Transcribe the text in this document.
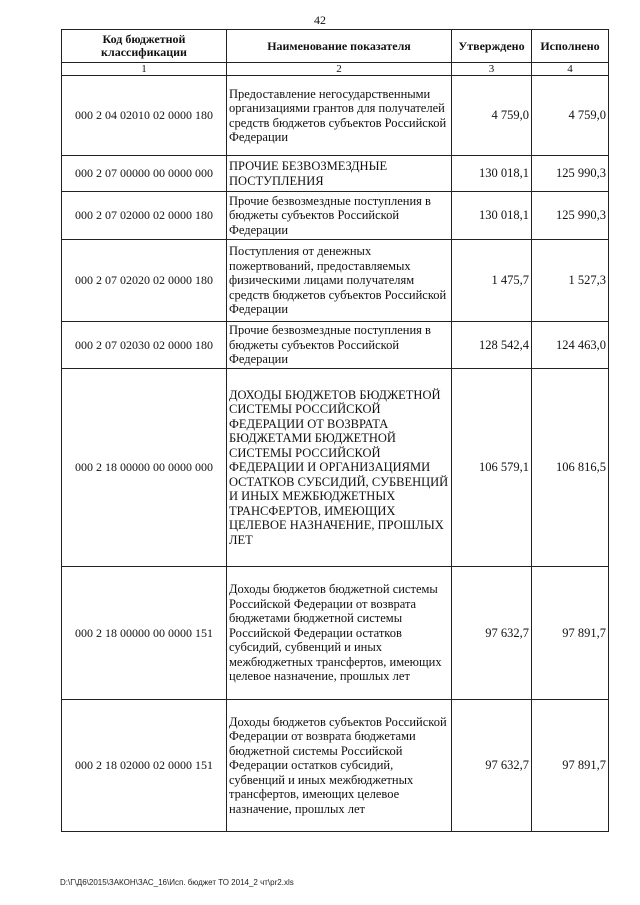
42
Код бюджетной классификации	Наименование показателя	Утверждено	Исполнено
1	2	3	4
000 2 04 02010 02 0000 180	Предоставление негосударственными организациями грантов для получателей средств бюджетов субъектов Российской Федерации	4 759,0	4 759,0
000 2 07 00000 00 0000 000	ПРОЧИЕ БЕЗВОЗМЕЗДНЫЕ ПОСТУПЛЕНИЯ	130 018,1	125 990,3
000 2 07 02000 02 0000 180	Прочие безвозмездные поступления в бюджеты субъектов Российской Федерации	130 018,1	125 990,3
000 2 07 02020 02 0000 180	Поступления от денежных пожертвований, предоставляемых физическими лицами получателям средств бюджетов субъектов Российской Федерации	1 475,7	1 527,3
000 2 07 02030 02 0000 180	Прочие безвозмездные поступления в бюджеты субъектов Российской Федерации	128 542,4	124 463,0
000 2 18 00000 00 0000 000	ДОХОДЫ БЮДЖЕТОВ БЮДЖЕТНОЙ СИСТЕМЫ РОССИЙСКОЙ ФЕДЕРАЦИИ ОТ ВОЗВРАТА БЮДЖЕТАМИ БЮДЖЕТНОЙ СИСТЕМЫ РОССИЙСКОЙ ФЕДЕРАЦИИ И ОРГАНИЗАЦИЯМИ ОСТАТКОВ СУБСИДИЙ, СУБВЕНЦИЙ И ИНЫХ МЕЖБЮДЖЕТНЫХ ТРАНСФЕРТОВ, ИМЕЮЩИХ ЦЕЛЕВОЕ НАЗНАЧЕНИЕ, ПРОШЛЫХ ЛЕТ	106 579,1	106 816,5
000 2 18 00000 00 0000 151	Доходы бюджетов бюджетной системы Российской Федерации от возврата бюджетами бюджетной системы Российской Федерации остатков субсидий, субвенций и иных межбюджетных трансфертов, имеющих целевое назначение, прошлых лет	97 632,7	97 891,7
000 2 18 02000 02 0000 151	Доходы бюджетов субъектов Российской Федерации от возврата бюджетами бюджетной системы Российской Федерации остатков субсидий, субвенций и иных межбюджетных трансфертов, имеющих целевое назначение, прошлых лет	97 632,7	97 891,7
D:\Г\Д6\2015\ЗАКОН\ЗАС_16\Исп. бюджет ТО 2014_2 чт\pr2.xls
